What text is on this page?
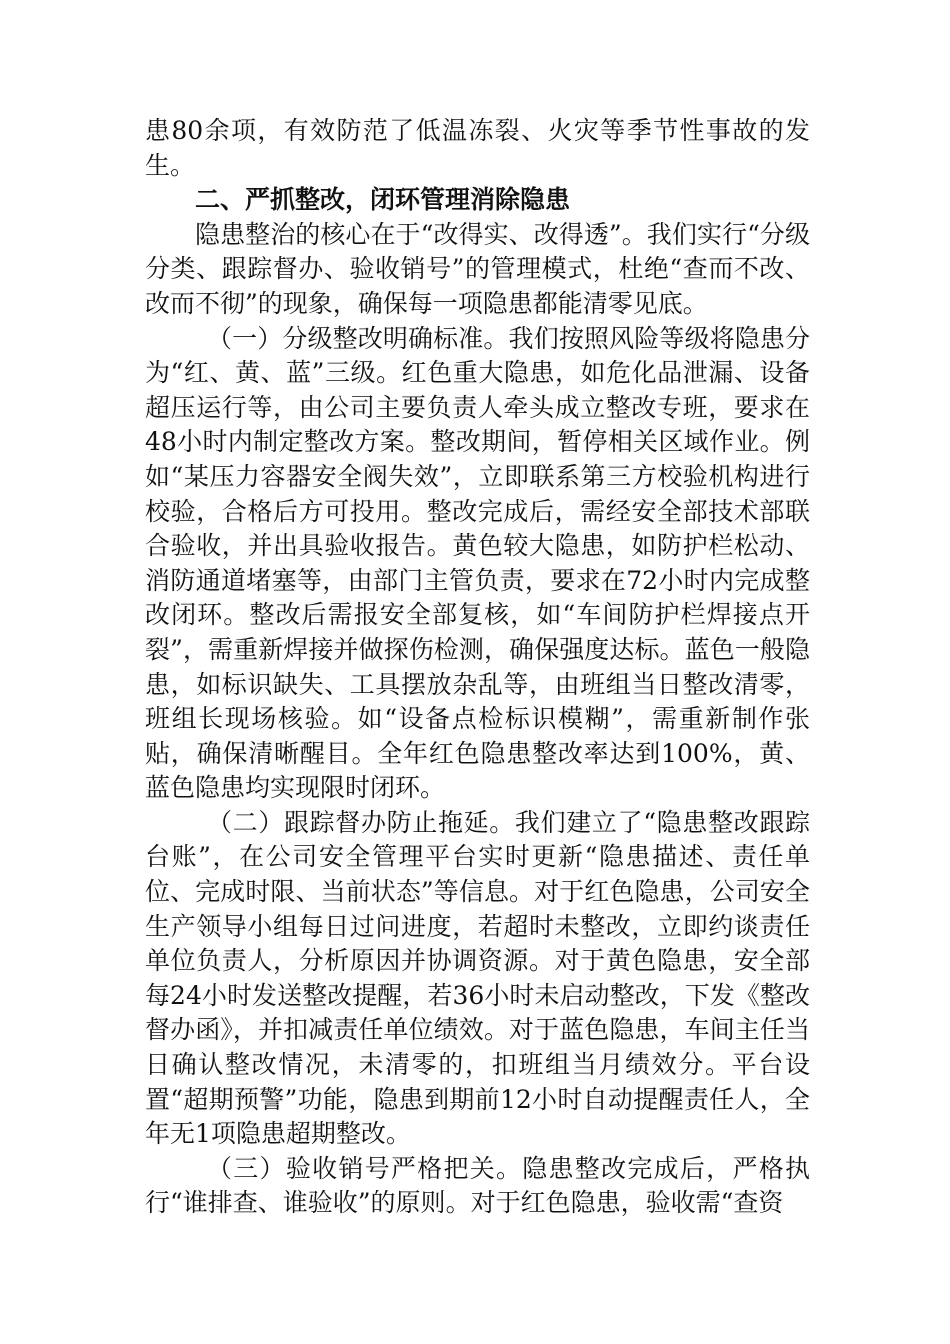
患80余项，有效防范了低温冻裂、火灾等季节性事故的发生。

二、严抓整改，闭环管理消除隐患

隐患整治的核心在于“改得实、改得透”。我们实行“分级分类、跟踪督办、验收销号”的管理模式，杜绝“查而不改、改而不彻”的现象，确保每一项隐患都能清零见底。

（一）分级整改明确标准。我们按照风险等级将隐患分为“红、黄、蓝”三级。红色重大隐患，如危化品泄漏、设备超压运行等，由公司主要负责人牵头成立整改专班，要求在48小时内制定整改方案。整改期间，暂停相关区域作业。例如“某压力容器安全阀失效”，立即联系第三方校验机构进行校验，合格后方可投用。整改完成后，需经安全部技术部联合验收，并出具验收报告。黄色较大隐患，如防护栏松动、消防通道堵塞等，由部门主管负责，要求在72小时内完成整改闭环。整改后需报安全部复核，如“车间防护栏焊接点开裂”，需重新焊接并做探伤检测，确保强度达标。蓝色一般隐患，如标识缺失、工具摆放杂乱等，由班组当日整改清零，班组长现场核验。如“设备点检标识模糊”，需重新制作张贴，确保清晰醒目。全年红色隐患整改率达到100%，黄、蓝色隐患均实现限时闭环。

（二）跟踪督办防止拖延。我们建立了“隐患整改跟踪台账”，在公司安全管理平台实时更新“隐患描述、责任单位、完成时限、当前状态”等信息。对于红色隐患，公司安全生产领导小组每日过问进度，若超时未整改，立即约谈责任单位负责人，分析原因并协调资源。对于黄色隐患，安全部每24小时发送整改提醒，若36小时未启动整改，下发《整改督办函》，并扣减责任单位绩效。对于蓝色隐患，车间主任当日确认整改情况，未清零的，扣班组当月绩效分。平台设置“超期预警”功能，隐患到期前12小时自动提醒责任人，全年无1项隐患超期整改。

（三）验收销号严格把关。隐患整改完成后，严格执行“谁排查、谁验收”的原则。对于红色隐患，验收需“查资
